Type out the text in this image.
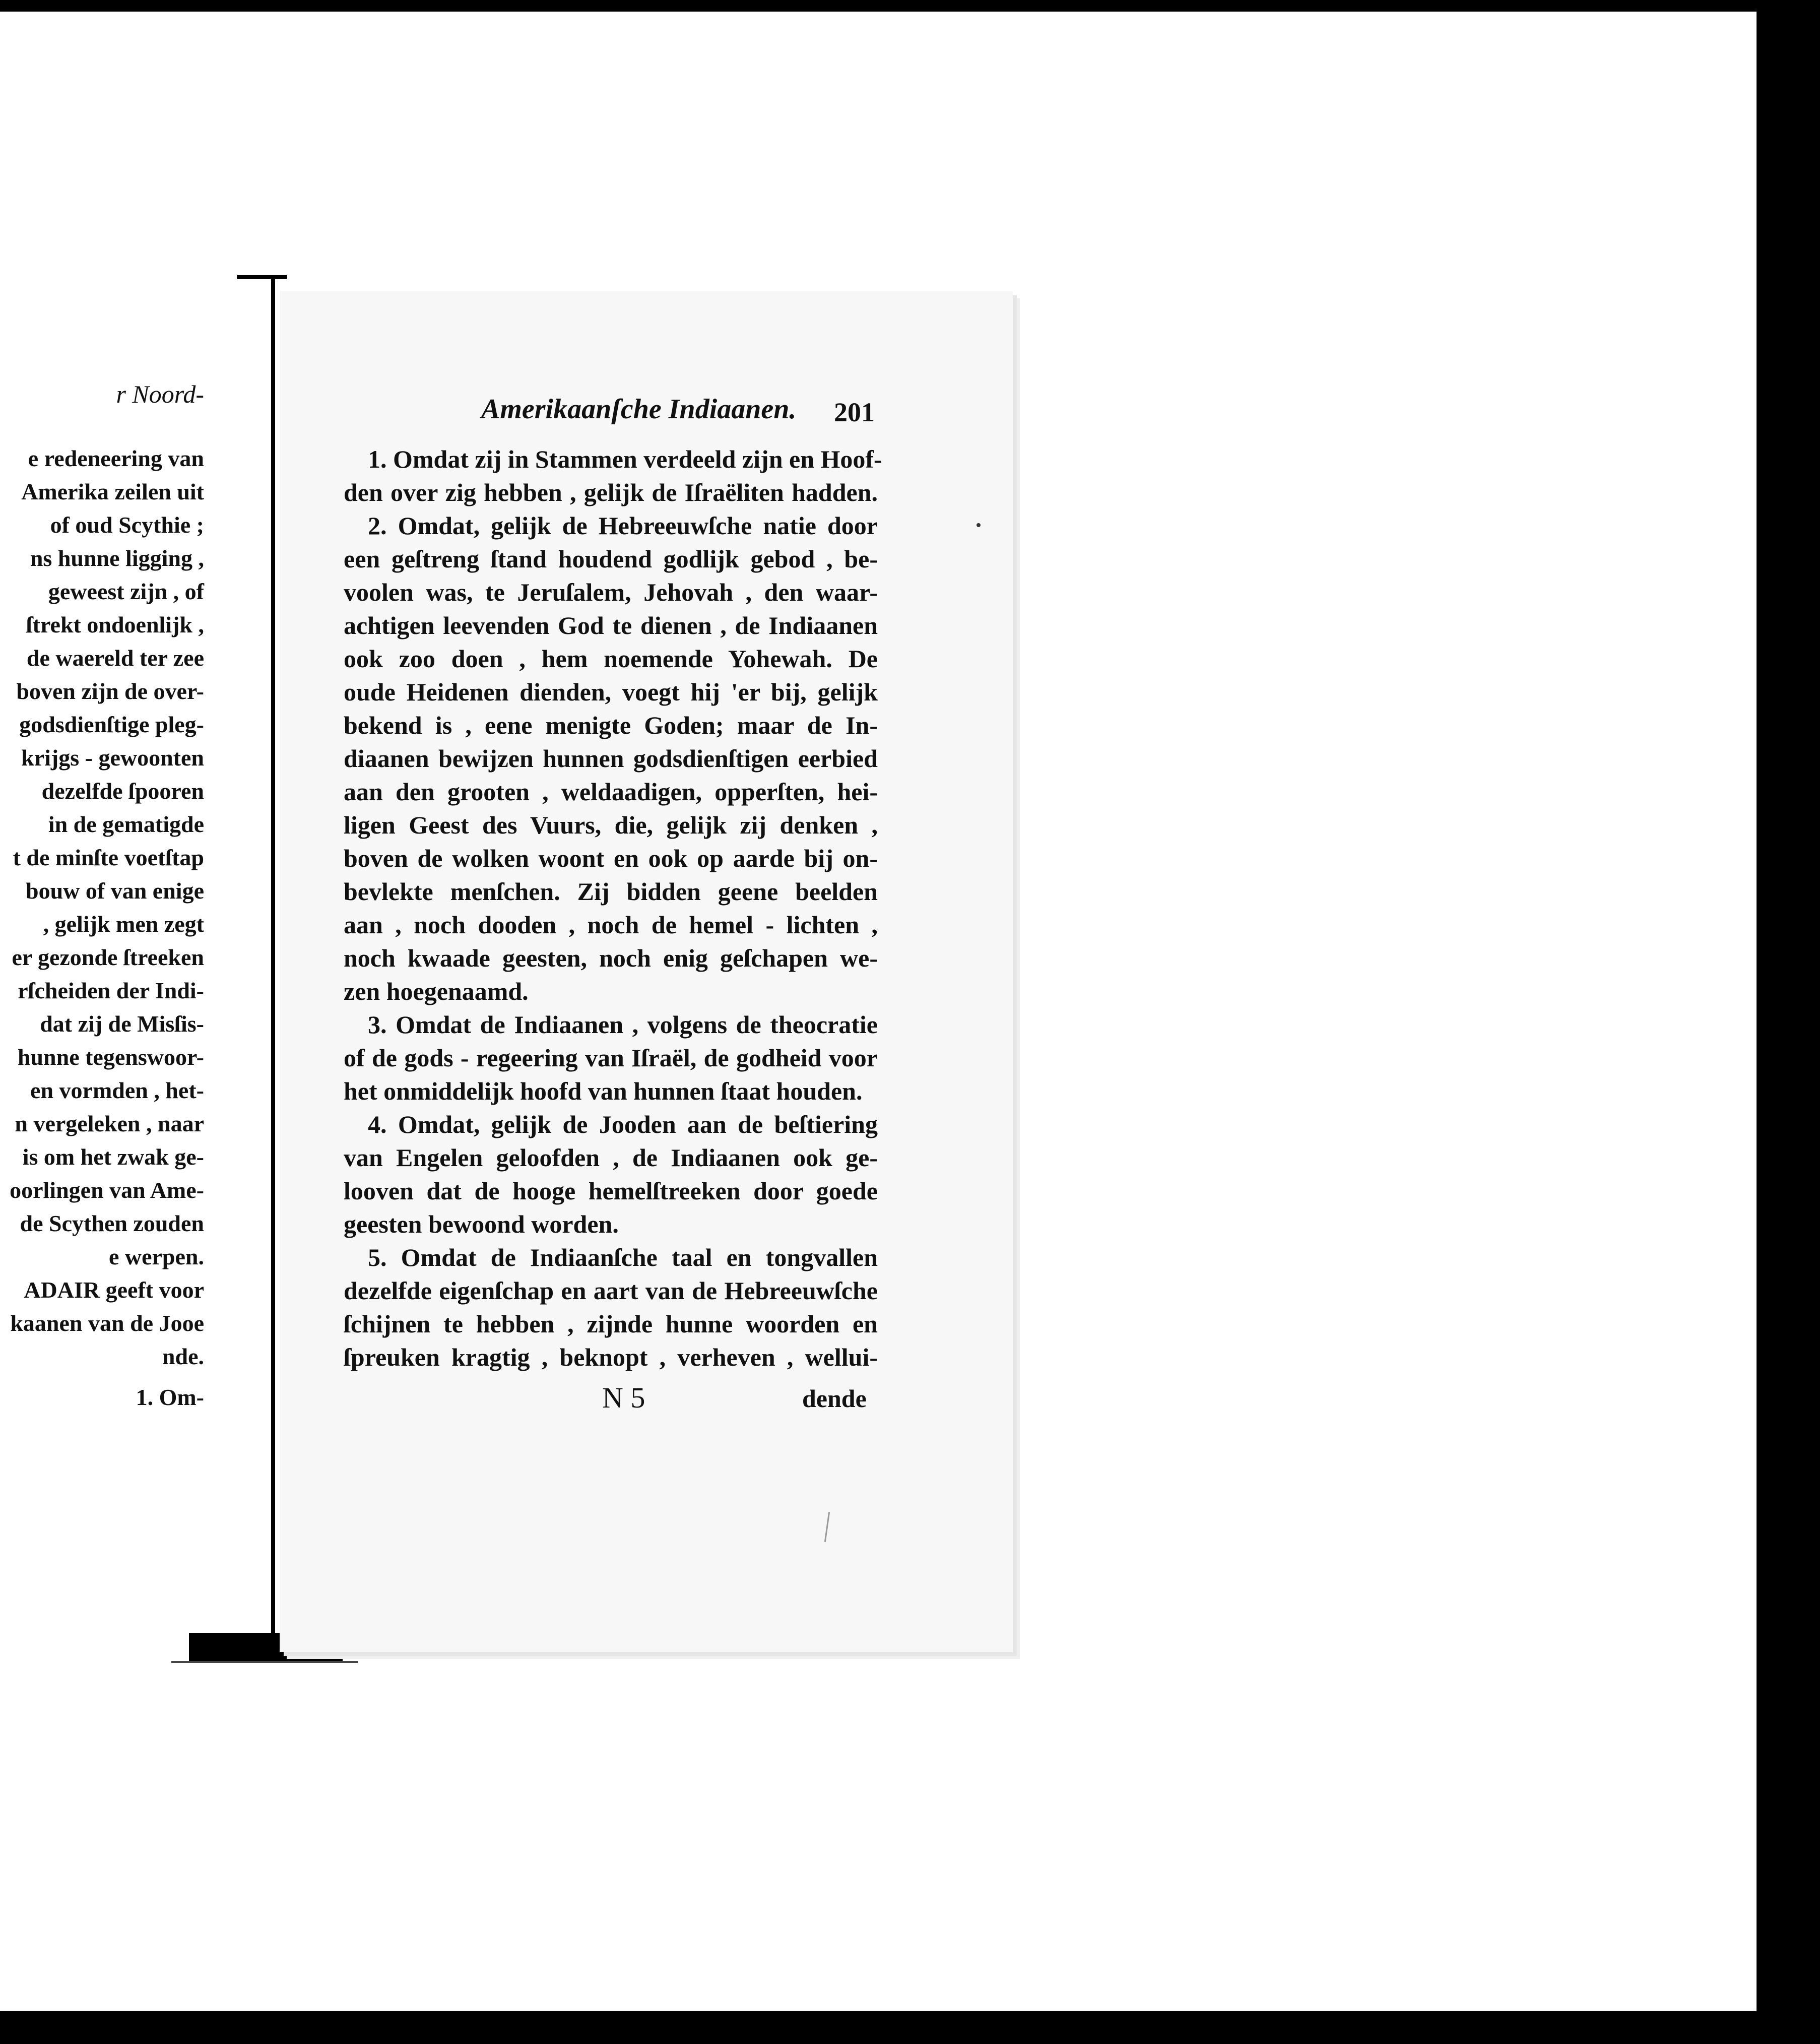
r Noord-
e redeneering van
Amerika zeilen uit
of oud Scythie ;
ns hunne ligging ,
geweest zijn , of
ſtrekt ondoenlijk ,
de waereld ter zee
boven zijn de over-
godsdienſtige pleg-
krijgs - gewoonten
dezelfde ſpooren
in de gematigde
t de minſte voetſtap
bouw of van enige
, gelijk men zegt
er gezonde ſtreeken
rſcheiden der Indi-
dat zij de Misſis-
hunne tegenswoor-
en vormden , het-
n vergeleken , naar
is om het zwak ge-
oorlingen van Ame-
de Scythen zouden
e werpen.
ADAIR geeft voor
kaanen van de Jooe
nde.
1. Om-
Amerikaanſche Indiaanen. 201
1. Omdat zij in Stammen verdeeld zijn en Hoof-
den over zig hebben , gelijk de Iſraëliten hadden.
2. Omdat, gelijk de Hebreeuwſche natie door
een geſtreng ſtand houdend godlijk gebod , be-
voolen was, te Jeruſalem, Jehovah , den waar-
achtigen leevenden God te dienen , de Indiaanen
ook zoo doen , hem noemende Yohewah. De
oude Heidenen dienden, voegt hij 'er bij, gelijk
bekend is , eene menigte Goden; maar de In-
diaanen bewijzen hunnen godsdienſtigen eerbied
aan den grooten , weldaadigen, opperſten, hei-
ligen Geest des Vuurs, die, gelijk zij denken ,
boven de wolken woont en ook op aarde bij on-
bevlekte menſchen. Zij bidden geene beelden
aan , noch dooden , noch de hemel - lichten ,
noch kwaade geesten, noch enig geſchapen we-
zen hoegenaamd.
3. Omdat de Indiaanen , volgens de theocratie
of de gods - regeering van Iſraël, de godheid voor
het onmiddelijk hoofd van hunnen ſtaat houden.
4. Omdat, gelijk de Jooden aan de beſtiering
van Engelen geloofden , de Indiaanen ook ge-
looven dat de hooge hemelſtreeken door goede
geesten bewoond worden.
5. Omdat de Indiaanſche taal en tongvallen
dezelfde eigenſchap en aart van de Hebreeuwſche
ſchijnen te hebben , zijnde hunne woorden en
ſpreuken kragtig , beknopt , verheven , wellui-
N 5	dende
